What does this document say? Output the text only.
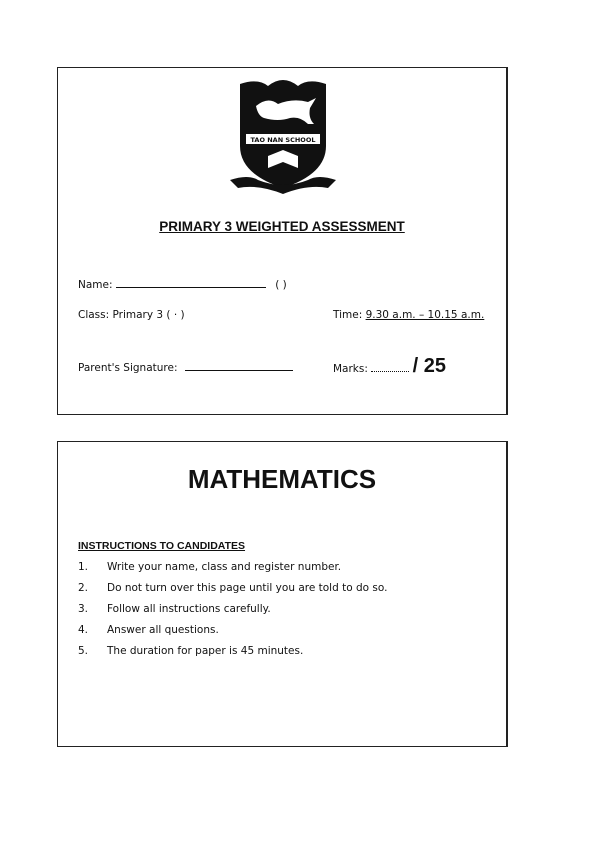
TAO NAN SCHOOL
PRIMARY 3 WEIGHTED ASSESSMENT
Name:	( )
Class: Primary 3 ( · )	Time: 9.30 a.m. – 10.15 a.m.
Parent's Signature:	Marks: / 25
MATHEMATICS
INSTRUCTIONS TO CANDIDATES
1. Write your name, class and register number.
2. Do not turn over this page until you are told to do so.
3. Follow all instructions carefully.
4. Answer all questions.
5. The duration for paper is 45 minutes.
